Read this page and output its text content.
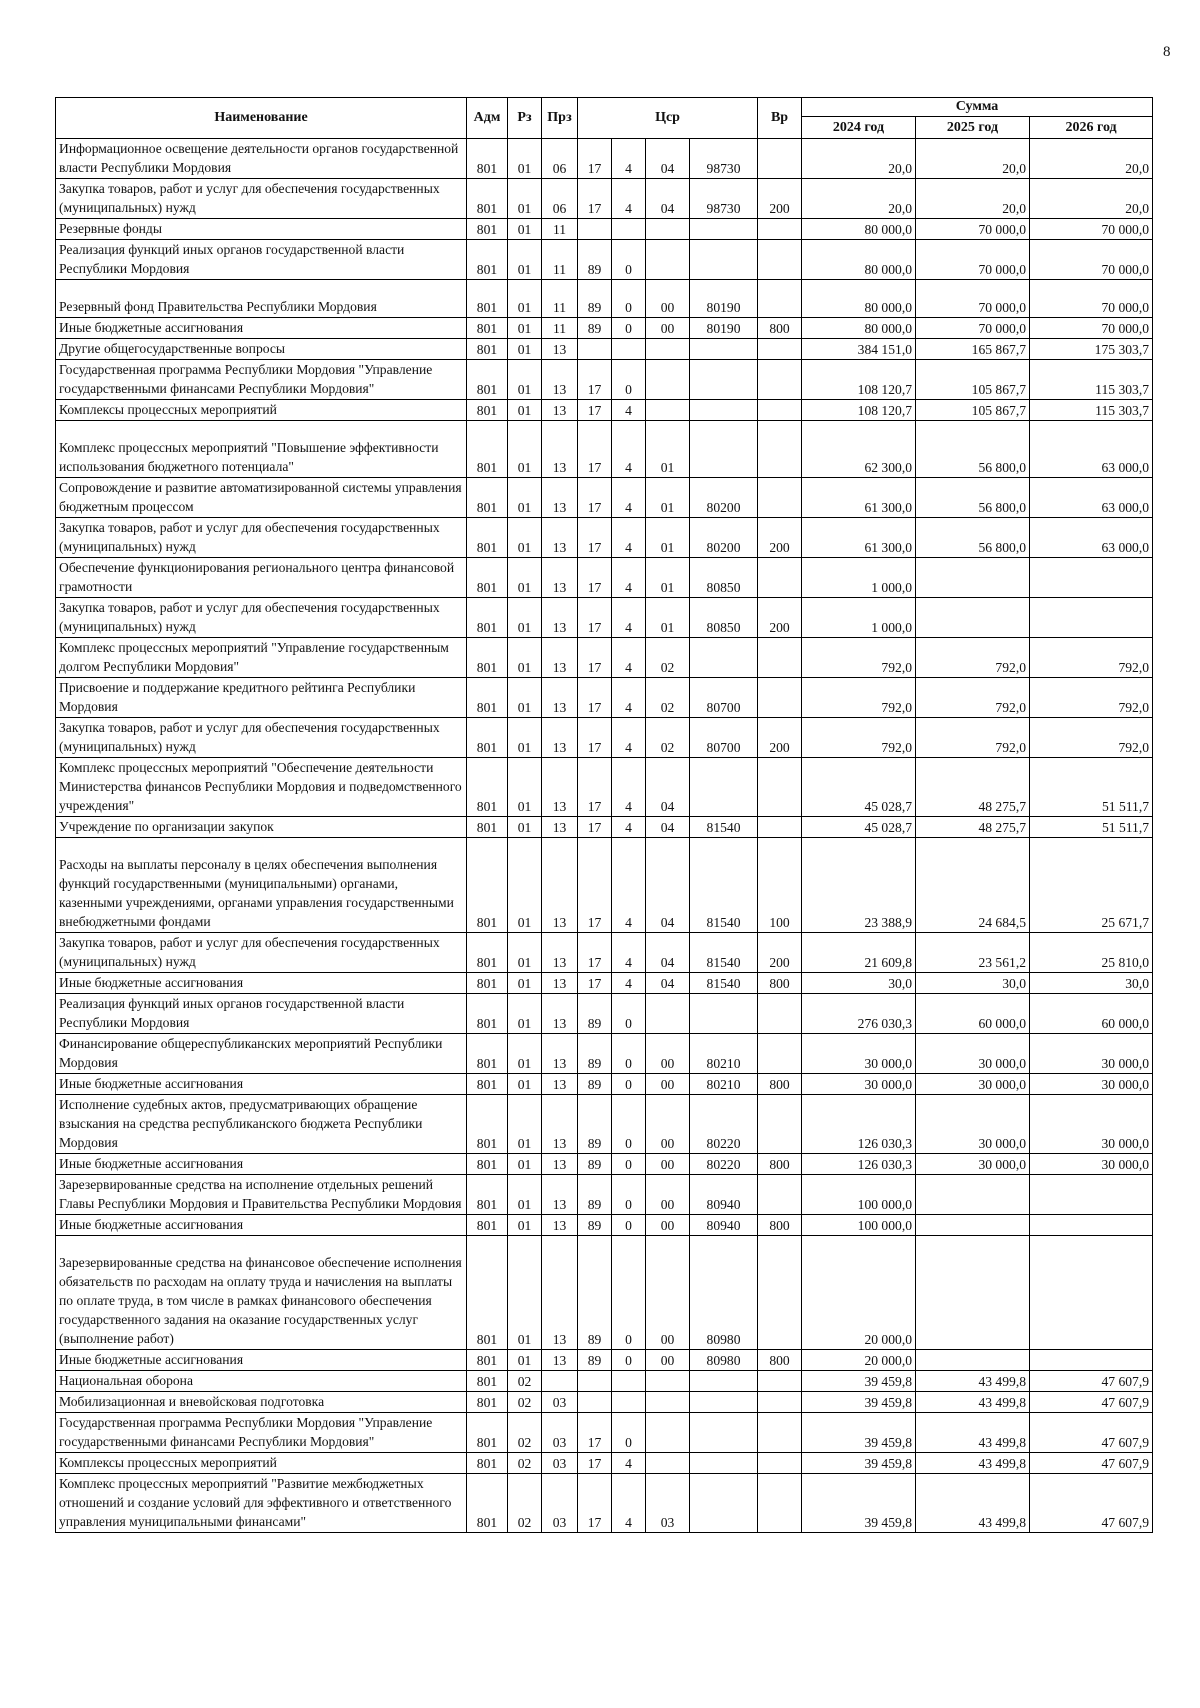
8
Наименование	Адм	Рз	Прз	Цср				Вр	Сумма		
									2024 год	2025 год	2026 год
Информационное освещение деятельности органов государственной власти Республики Мордовия	801	01	06	17	4	04	98730		20,0	20,0	20,0
Закупка товаров, работ и услуг для обеспечения государственных (муниципальных) нужд	801	01	06	17	4	04	98730	200	20,0	20,0	20,0
Резервные фонды	801	01	11						80 000,0	70 000,0	70 000,0
Реализация функций иных органов государственной власти Республики Мордовия	801	01	11	89	0				80 000,0	70 000,0	70 000,0
Резервный фонд Правительства Республики Мордовия	801	01	11	89	0	00	80190		80 000,0	70 000,0	70 000,0
Иные бюджетные ассигнования	801	01	11	89	0	00	80190	800	80 000,0	70 000,0	70 000,0
Другие общегосударственные вопросы	801	01	13						384 151,0	165 867,7	175 303,7
Государственная программа Республики Мордовия "Управление государственными финансами Республики Мордовия"	801	01	13	17	0				108 120,7	105 867,7	115 303,7
Комплексы процессных мероприятий	801	01	13	17	4				108 120,7	105 867,7	115 303,7
Комплекс процессных мероприятий "Повышение эффективности использования бюджетного потенциала"	801	01	13	17	4	01			62 300,0	56 800,0	63 000,0
Сопровождение и развитие автоматизированной системы управления бюджетным процессом	801	01	13	17	4	01	80200		61 300,0	56 800,0	63 000,0
Закупка товаров, работ и услуг для обеспечения государственных (муниципальных) нужд	801	01	13	17	4	01	80200	200	61 300,0	56 800,0	63 000,0
Обеспечение функционирования регионального центра финансовой грамотности	801	01	13	17	4	01	80850		1 000,0		
Закупка товаров, работ и услуг для обеспечения государственных (муниципальных) нужд	801	01	13	17	4	01	80850	200	1 000,0		
Комплекс процессных мероприятий "Управление государственным долгом Республики Мордовия"	801	01	13	17	4	02			792,0	792,0	792,0
Присвоение и поддержание кредитного рейтинга Республики Мордовия	801	01	13	17	4	02	80700		792,0	792,0	792,0
Закупка товаров, работ и услуг для обеспечения государственных (муниципальных) нужд	801	01	13	17	4	02	80700	200	792,0	792,0	792,0
Комплекс процессных мероприятий "Обеспечение деятельности Министерства финансов Республики Мордовия и подведомственного учреждения"	801	01	13	17	4	04			45 028,7	48 275,7	51 511,7
Учреждение по организации закупок	801	01	13	17	4	04	81540		45 028,7	48 275,7	51 511,7
Расходы на выплаты персоналу в целях обеспечения выполнения функций государственными (муниципальными) органами, казенными учреждениями, органами управления государственными внебюджетными фондами	801	01	13	17	4	04	81540	100	23 388,9	24 684,5	25 671,7
Закупка товаров, работ и услуг для обеспечения государственных (муниципальных) нужд	801	01	13	17	4	04	81540	200	21 609,8	23 561,2	25 810,0
Иные бюджетные ассигнования	801	01	13	17	4	04	81540	800	30,0	30,0	30,0
Реализация функций иных органов государственной власти Республики Мордовия	801	01	13	89	0				276 030,3	60 000,0	60 000,0
Финансирование общереспубликанских мероприятий Республики Мордовия	801	01	13	89	0	00	80210		30 000,0	30 000,0	30 000,0
Иные бюджетные ассигнования	801	01	13	89	0	00	80210	800	30 000,0	30 000,0	30 000,0
Исполнение судебных актов, предусматривающих обращение взыскания на средства республиканского бюджета Республики Мордовия	801	01	13	89	0	00	80220		126 030,3	30 000,0	30 000,0
Иные бюджетные ассигнования	801	01	13	89	0	00	80220	800	126 030,3	30 000,0	30 000,0
Зарезервированные средства на исполнение отдельных решений Главы Республики Мордовия и Правительства Республики Мордовия	801	01	13	89	0	00	80940		100 000,0		
Иные бюджетные ассигнования	801	01	13	89	0	00	80940	800	100 000,0		
Зарезервированные средства на финансовое обеспечение исполнения обязательств по расходам на оплату труда и начисления на выплаты по оплате труда, в том числе в рамках финансового обеспечения государственного задания на оказание государственных услуг (выполнение работ)	801	01	13	89	0	00	80980		20 000,0		
Иные бюджетные ассигнования	801	01	13	89	0	00	80980	800	20 000,0		
Национальная оборона	801	02							39 459,8	43 499,8	47 607,9
Мобилизационная и вневойсковая подготовка	801	02	03						39 459,8	43 499,8	47 607,9
Государственная программа Республики Мордовия "Управление государственными финансами Республики Мордовия"	801	02	03	17	0				39 459,8	43 499,8	47 607,9
Комплексы процессных мероприятий	801	02	03	17	4				39 459,8	43 499,8	47 607,9
Комплекс процессных мероприятий "Развитие межбюджетных отношений и создание условий для эффективного и ответственного управления муниципальными финансами"	801	02	03	17	4	03			39 459,8	43 499,8	47 607,9
